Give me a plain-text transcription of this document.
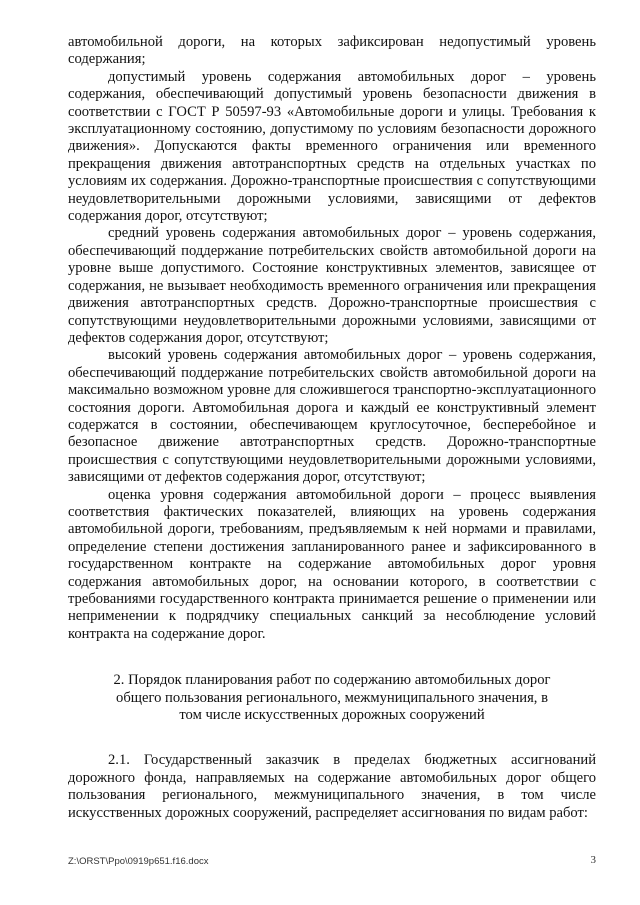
автомобильной дороги, на которых зафиксирован недопустимый уровень содержания;

допустимый уровень содержания автомобильных дорог – уровень содержания, обеспечивающий допустимый уровень безопасности движения в соответствии с ГОСТ Р 50597-93 «Автомобильные дороги и улицы. Требования к эксплуатационному состоянию, допустимому по условиям безопасности дорожного движения». Допускаются факты временного ограничения или временного прекращения движения автотранспортных средств на отдельных участках по условиям их содержания. Дорожно-транспортные происшествия с сопутствующими неудовлетворительными дорожными условиями, зависящими от дефектов содержания дорог, отсутствуют;

средний уровень содержания автомобильных дорог – уровень содержания, обеспечивающий поддержание потребительских свойств автомобильной дороги на уровне выше допустимого. Состояние конструктивных элементов, зависящее от содержания, не вызывает необходимость временного ограничения или прекращения движения автотранспортных средств. Дорожно-транспортные происшествия с сопутствующими неудовлетворительными дорожными условиями, зависящими от дефектов содержания дорог, отсутствуют;

высокий уровень содержания автомобильных дорог – уровень содержания, обеспечивающий поддержание потребительских свойств автомобильной дороги на максимально возможном уровне для сложившегося транспортно-эксплуатационного состояния дороги. Автомобильная дорога и каждый ее конструктивный элемент содержатся в состоянии, обеспечивающем круглосуточное, бесперебойное и безопасное движение автотранспортных средств. Дорожно-транспортные происшествия с сопутствующими неудовлетворительными дорожными условиями, зависящими от дефектов содержания дорог, отсутствуют;

оценка уровня содержания автомобильной дороги – процесс выявления соответствия фактических показателей, влияющих на уровень содержания автомобильной дороги, требованиям, предъявляемым к ней нормами и правилами, определение степени достижения запланированного ранее и зафиксированного в государственном контракте на содержание автомобильных дорог уровня содержания автомобильных дорог, на основании которого, в соответствии с требованиями государственного контракта принимается решение о применении или неприменении к подрядчику специальных санкций за несоблюдение условий контракта на содержание дорог.

2. Порядок планирования работ по содержанию автомобильных дорог общего пользования регионального, межмуниципального значения, в том числе искусственных дорожных сооружений

2.1. Государственный заказчик в пределах бюджетных ассигнований дорожного фонда, направляемых на содержание автомобильных дорог общего пользования регионального, межмуниципального значения, в том числе искусственных дорожных сооружений, распределяет ассигнования по видам работ:

Z:\ORST\Ppo\0919p651.f16.docx	3
